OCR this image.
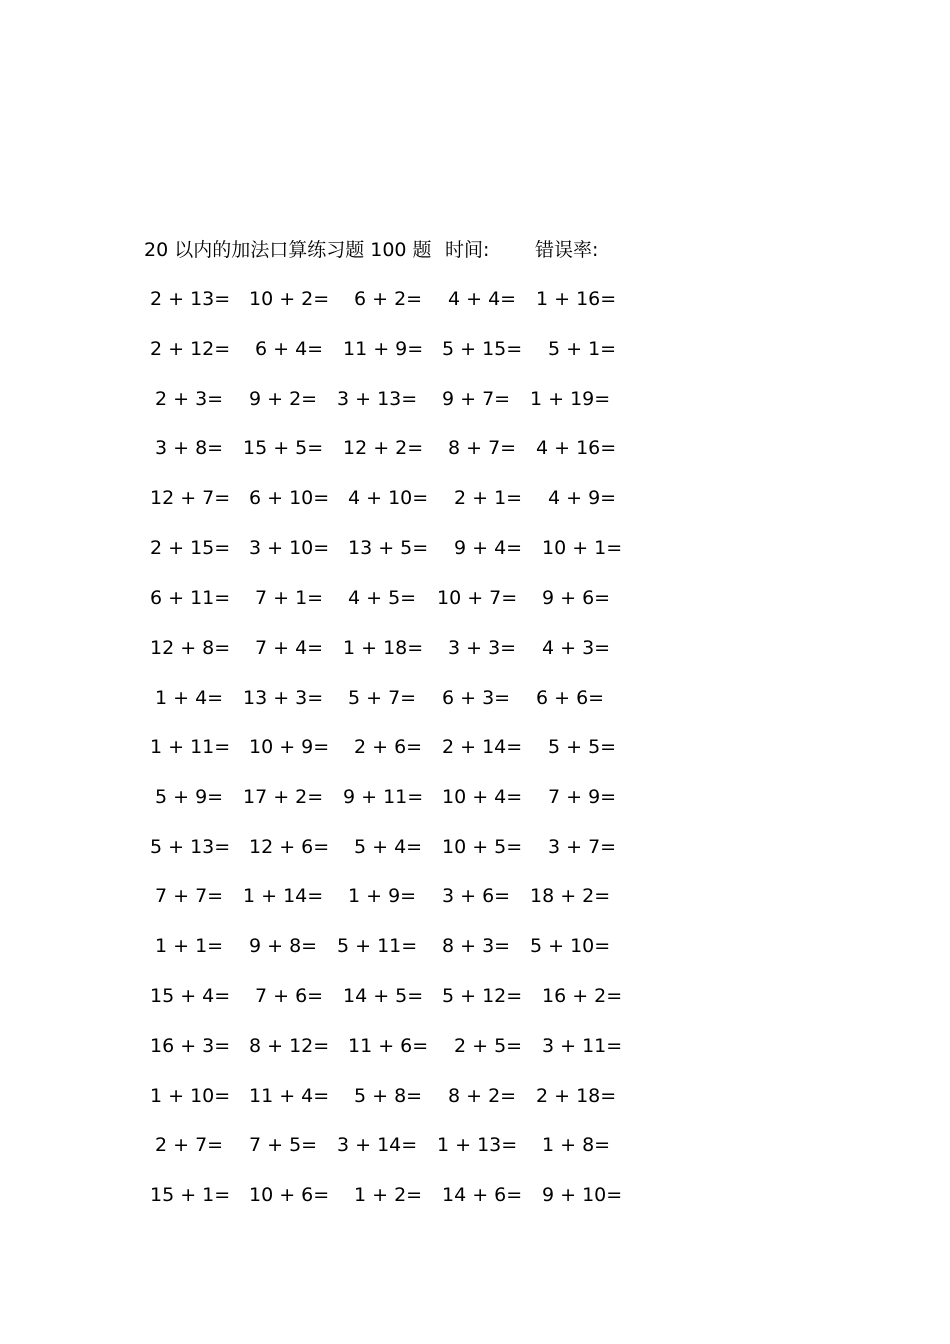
20 以内的加法口算练习题 100 题 时间: 错误率:
2 + 13= 10 + 2= 6 + 2= 4 + 4= 1 + 16=
2 + 12= 6 + 4= 11 + 9= 5 + 15= 5 + 1=
2 + 3= 9 + 2= 3 + 13= 9 + 7= 1 + 19=
3 + 8= 15 + 5= 12 + 2= 8 + 7= 4 + 16=
12 + 7= 6 + 10= 4 + 10= 2 + 1= 4 + 9=
2 + 15= 3 + 10= 13 + 5= 9 + 4= 10 + 1=
6 + 11= 7 + 1= 4 + 5= 10 + 7= 9 + 6=
12 + 8= 7 + 4= 1 + 18= 3 + 3= 4 + 3=
1 + 4= 13 + 3= 5 + 7= 6 + 3= 6 + 6=
1 + 11= 10 + 9= 2 + 6= 2 + 14= 5 + 5=
5 + 9= 17 + 2= 9 + 11= 10 + 4= 7 + 9=
5 + 13= 12 + 6= 5 + 4= 10 + 5= 3 + 7=
7 + 7= 1 + 14= 1 + 9= 3 + 6= 18 + 2=
1 + 1= 9 + 8= 5 + 11= 8 + 3= 5 + 10=
15 + 4= 7 + 6= 14 + 5= 5 + 12= 16 + 2=
16 + 3= 8 + 12= 11 + 6= 2 + 5= 3 + 11=
1 + 10= 11 + 4= 5 + 8= 8 + 2= 2 + 18=
2 + 7= 7 + 5= 3 + 14= 1 + 13= 1 + 8=
15 + 1= 10 + 6= 1 + 2= 14 + 6= 9 + 10=
